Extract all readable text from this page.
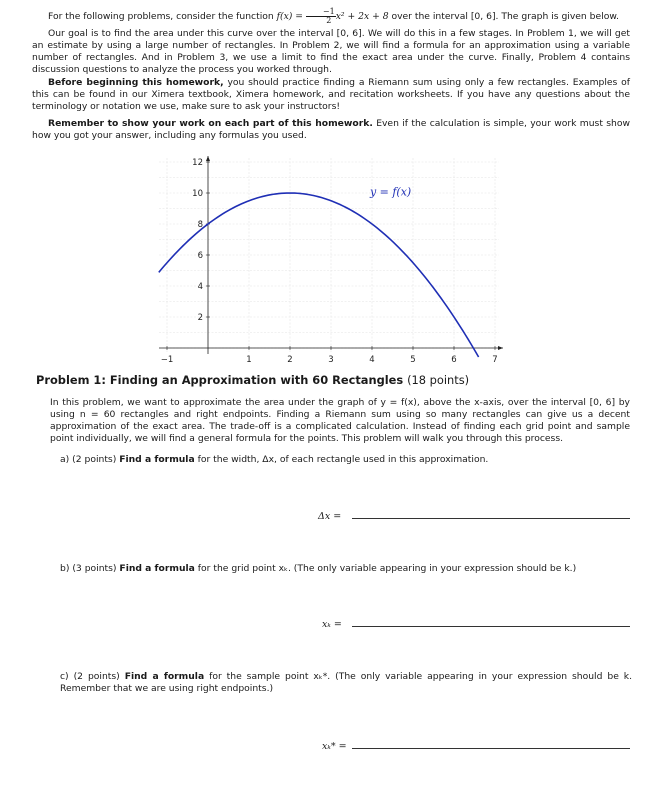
For the following problems, consider the function $f(x) = \frac{-1}{2} x^2 + 2x + 8$ over the interval [0, 6]. The graph is given below.

Our goal is to find the area under this curve over the interval [0, 6]. We will do this in a few stages. In Problem 1, we will get an estimate by using a large number of rectangles. In Problem 2, we will find a formula for an approximation using a variable number of rectangles. And in Problem 3, we use a limit to find the exact area under the curve. Finally, Problem 4 contains discussion questions to analyze the process you worked through.

Before beginning this homework, you should practice finding a Riemann sum using only a few rectangles. Examples of this can be found in our Ximera textbook, Ximera homework, and recitation worksheets. If you have any questions about the terminology or notation we use, make sure to ask your instructors!

Remember to show your work on each part of this homework. Even if the calculation is simple, your work must show how you got your answer, including any formulas you used.

−1	1	2	3	4	5	6	7
2
4
6
8
10
12
y = f(x)

Problem 1: Finding an Approximation with 60 Rectangles (18 points)

In this problem, we want to approximate the area under the graph of y = f(x), above the x-axis, over the interval [0, 6] by using n = 60 rectangles and right endpoints. Finding a Riemann sum using so many rectangles can give us a decent approximation of the exact area. The trade-off is a complicated calculation. Instead of finding each grid point and sample point individually, we will find a general formula for the points. This problem will walk you through this process.

a) (2 points) Find a formula for the width, Δx, of each rectangle used in this approximation.

Δx =

b) (3 points) Find a formula for the grid point xₖ. (The only variable appearing in your expression should be k.)

xₖ =

c) (2 points) Find a formula for the sample point xₖ*. (The only variable appearing in your expression should be k. Remember that we are using right endpoints.)

xₖ* =
